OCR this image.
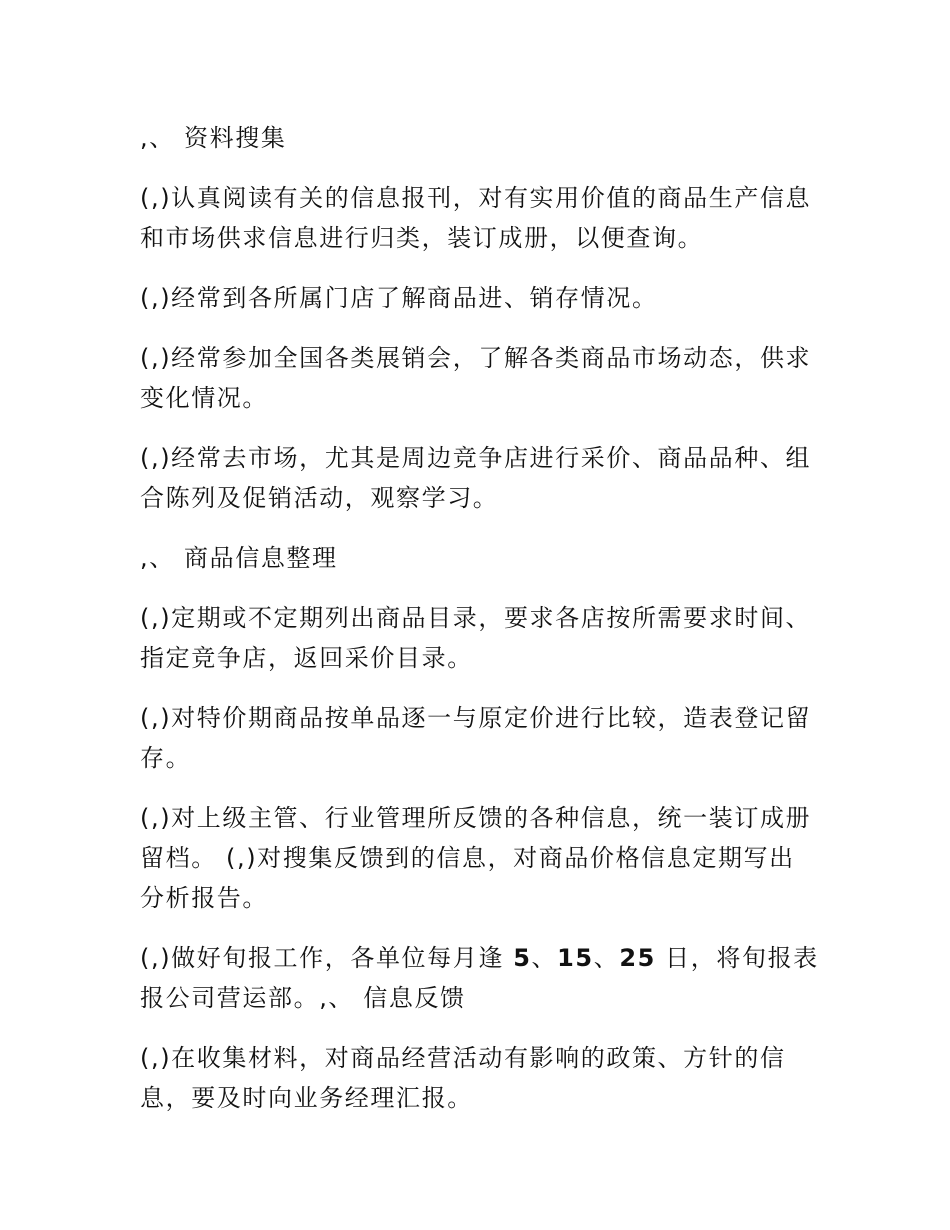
,、 资料搜集

(,)认真阅读有关的信息报刊，对有实用价值的商品生产信息和市场供求信息进行归类，装订成册，以便查询。

(,)经常到各所属门店了解商品进、销存情况。

(,)经常参加全国各类展销会，了解各类商品市场动态，供求变化情况。

(,)经常去市场，尤其是周边竞争店进行采价、商品品种、组合陈列及促销活动，观察学习。

,、 商品信息整理

(,)定期或不定期列出商品目录，要求各店按所需要求时间、指定竞争店，返回采价目录。

(,)对特价期商品按单品逐一与原定价进行比较，造表登记留存。

(,)对上级主管、行业管理所反馈的各种信息，统一装订成册留档。 (,)对搜集反馈到的信息，对商品价格信息定期写出分析报告。

(,)做好旬报工作，各单位每月逢 5、15、25 日，将旬报表报公司营运部。,、 信息反馈

(,)在收集材料，对商品经营活动有影响的政策、方针的信息，要及时向业务经理汇报。
